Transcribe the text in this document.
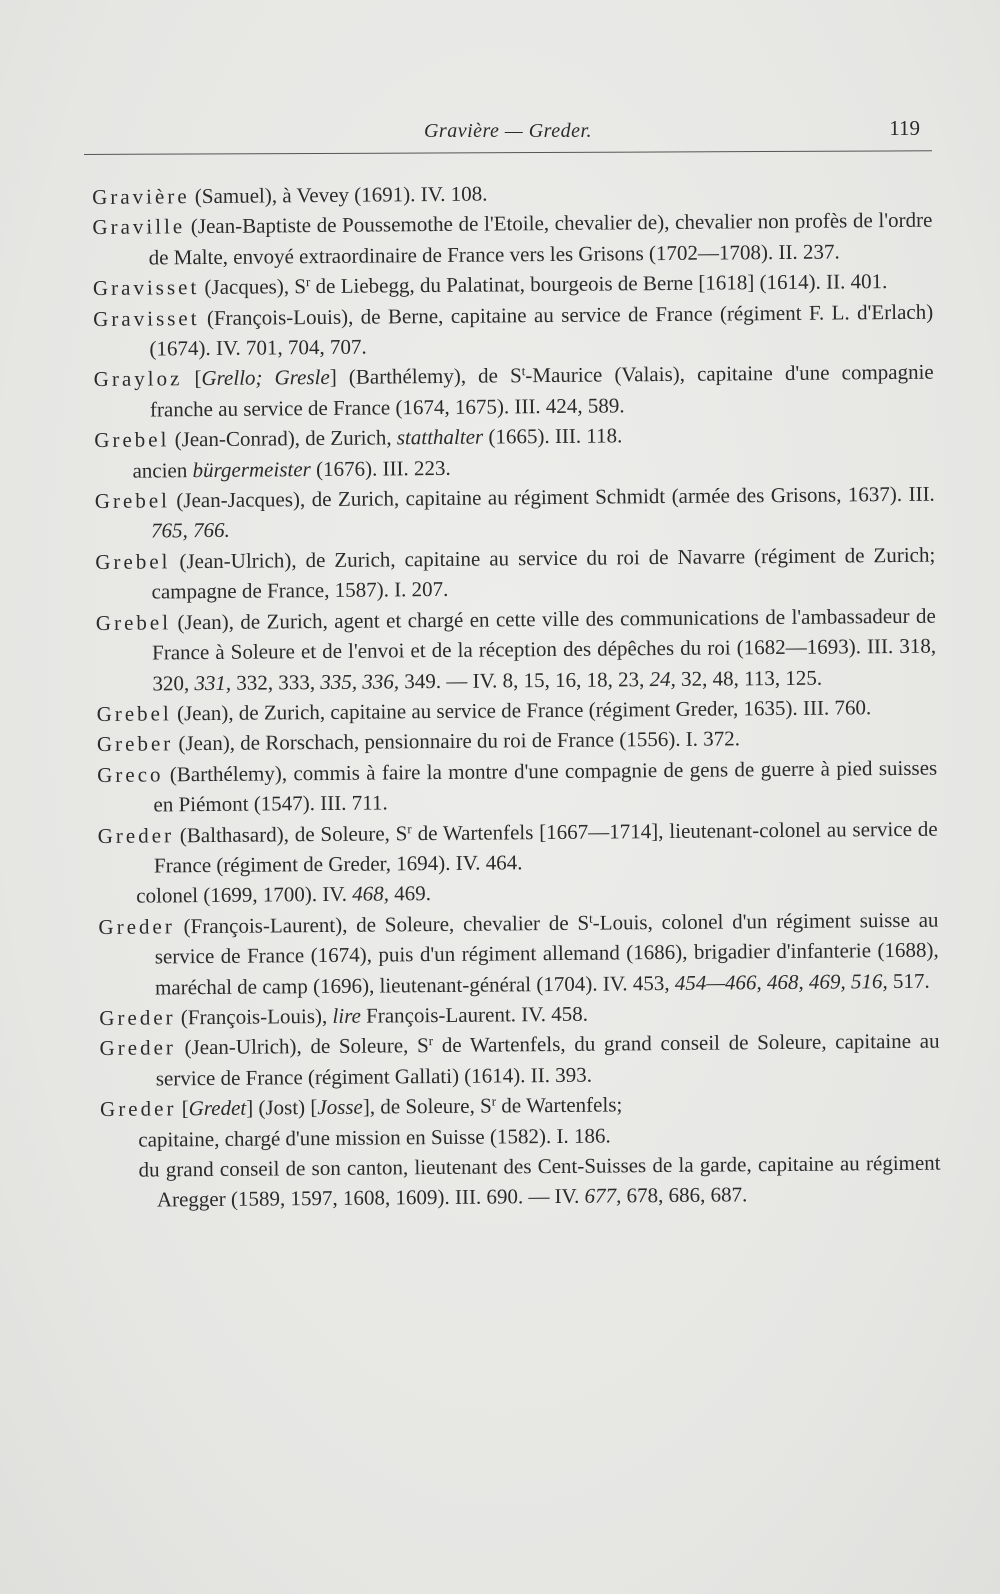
Gravière — Greder.	119

Gravière (Samuel), à Vevey (1691). IV. 108.

Graville (Jean-Baptiste de Poussemothe de l'Etoile, chevalier de), chevalier non profès de l'ordre de Malte, envoyé extraordinaire de France vers les Grisons (1702—1708). II. 237.

Gravisset (Jacques), $S^r$ de Liebegg, du Palatinat, bourgeois de Berne [1618] (1614). II. 401.

Gravisset (François-Louis), de Berne, capitaine au service de France (régiment F. L. d'Erlach) (1674). IV. 701, 704, 707.

Grayloz [Grello; Gresle] (Barthélemy), de $S^t$-Maurice (Valais), capitaine d'une compagnie franche au service de France (1674, 1675). III. 424, 589.

Grebel (Jean-Conrad), de Zurich, statthalter (1665). III. 118.

ancien bürgermeister (1676). III. 223.

Grebel (Jean-Jacques), de Zurich, capitaine au régiment Schmidt (armée des Grisons, 1637). III. 765, 766.

Grebel (Jean-Ulrich), de Zurich, capitaine au service du roi de Navarre (régiment de Zurich; campagne de France, 1587). I. 207.

Grebel (Jean), de Zurich, agent et chargé en cette ville des communications de l'ambassadeur de France à Soleure et de l'envoi et de la réception des dépêches du roi (1682—1693). III. 318, 320, 331, 332, 333, 335, 336, 349. — IV. 8, 15, 16, 18, 23, 24, 32, 48, 113, 125.

Grebel (Jean), de Zurich, capitaine au service de France (régiment Greder, 1635). III. 760.

Greber (Jean), de Rorschach, pensionnaire du roi de France (1556). I. 372.

Greco (Barthélemy), commis à faire la montre d'une compagnie de gens de guerre à pied suisses en Piémont (1547). III. 711.

Greder (Balthasard), de Soleure, $S^r$ de Wartenfels [1667—1714], lieutenant-colonel au service de France (régiment de Greder, 1694). IV. 464.

colonel (1699, 1700). IV. 468, 469.

Greder (François-Laurent), de Soleure, chevalier de $S^t$-Louis, colonel d'un régiment suisse au service de France (1674), puis d'un régiment allemand (1686), brigadier d'infanterie (1688), maréchal de camp (1696), lieutenant-général (1704). IV. 453, 454—466, 468, 469, 516, 517.

Greder (François-Louis), lire François-Laurent. IV. 458.

Greder (Jean-Ulrich), de Soleure, $S^r$ de Wartenfels, du grand conseil de Soleure, capitaine au service de France (régiment Gallati) (1614). II. 393.

Greder [Gredet] (Jost) [Josse], de Soleure, $S^r$ de Wartenfels;

capitaine, chargé d'une mission en Suisse (1582). I. 186.

du grand conseil de son canton, lieutenant des Cent-Suisses de la garde, capitaine au régiment Aregger (1589, 1597, 1608, 1609). III. 690. — IV. 677, 678, 686, 687.
